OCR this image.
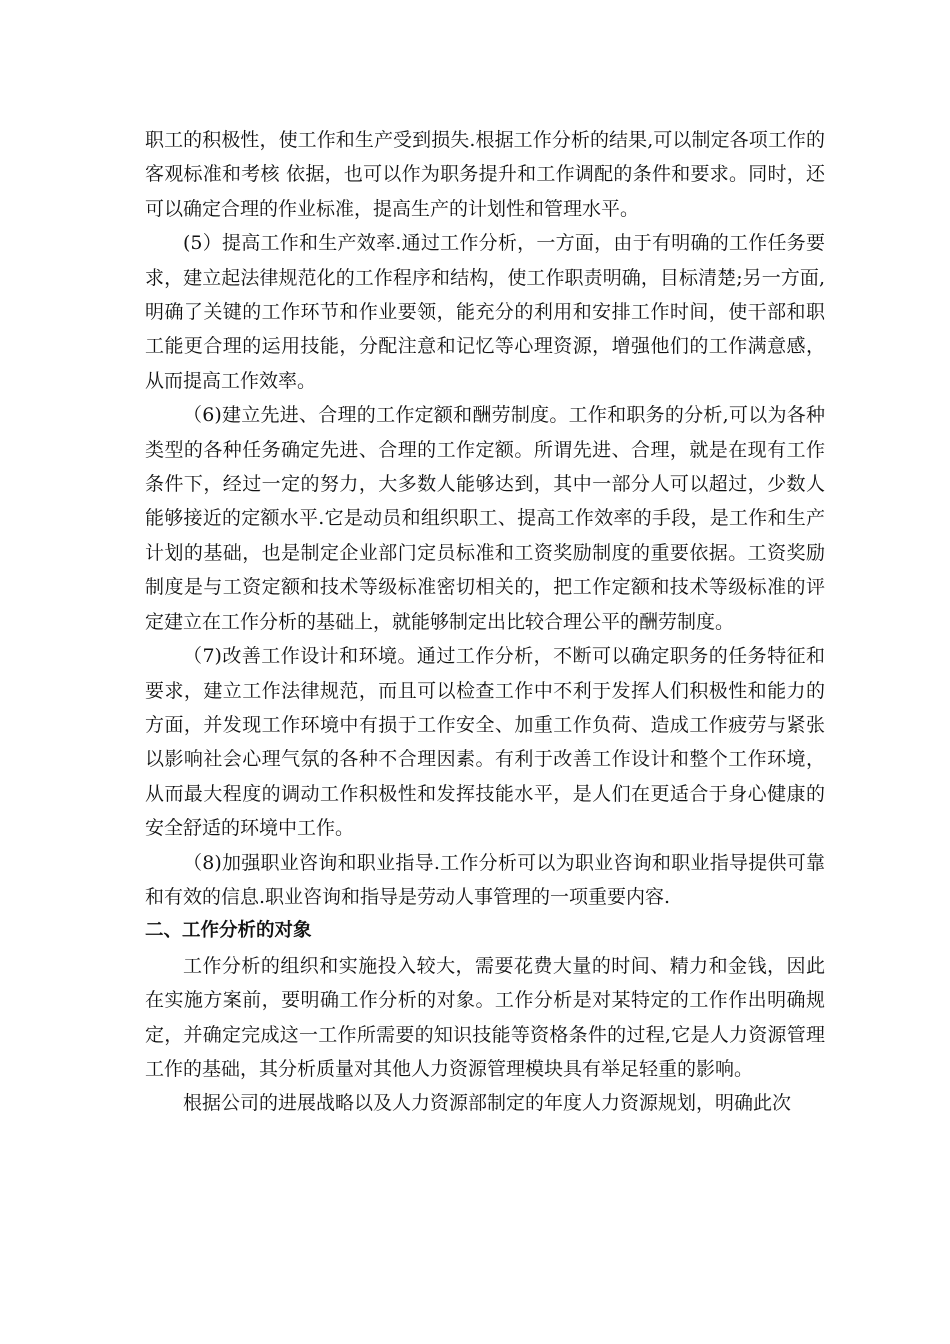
职工的积极性，使工作和生产受到损失.根据工作分析的结果,可以制定各项工作的客观标准和考核 依据，也可以作为职务提升和工作调配的条件和要求。同时，还可以确定合理的作业标准，提高生产的计划性和管理水平。

(5）提高工作和生产效率.通过工作分析，一方面，由于有明确的工作任务要求，建立起法律规范化的工作程序和结构，使工作职责明确，目标清楚;另一方面,明确了关键的工作环节和作业要领，能充分的利用和安排工作时间，使干部和职工能更合理的运用技能，分配注意和记忆等心理资源，增强他们的工作满意感，从而提高工作效率。

（6)建立先进、合理的工作定额和酬劳制度。工作和职务的分析,可以为各种类型的各种任务确定先进、合理的工作定额。所谓先进、合理，就是在现有工作条件下，经过一定的努力，大多数人能够达到，其中一部分人可以超过，少数人能够接近的定额水平.它是动员和组织职工、提高工作效率的手段，是工作和生产计划的基础，也是制定企业部门定员标准和工资奖励制度的重要依据。工资奖励制度是与工资定额和技术等级标准密切相关的，把工作定额和技术等级标准的评定建立在工作分析的基础上，就能够制定出比较合理公平的酬劳制度。

（7)改善工作设计和环境。通过工作分析，不断可以确定职务的任务特征和要求，建立工作法律规范，而且可以检查工作中不利于发挥人们积极性和能力的方面，并发现工作环境中有损于工作安全、加重工作负荷、造成工作疲劳与紧张以影响社会心理气氛的各种不合理因素。有利于改善工作设计和整个工作环境，从而最大程度的调动工作积极性和发挥技能水平，是人们在更适合于身心健康的安全舒适的环境中工作。

（8)加强职业咨询和职业指导.工作分析可以为职业咨询和职业指导提供可靠和有效的信息.职业咨询和指导是劳动人事管理的一项重要内容.

二、工作分析的对象

工作分析的组织和实施投入较大，需要花费大量的时间、精力和金钱，因此在实施方案前，要明确工作分析的对象。工作分析是对某特定的工作作出明确规定，并确定完成这一工作所需要的知识技能等资格条件的过程,它是人力资源管理工作的基础，其分析质量对其他人力资源管理模块具有举足轻重的影响。

根据公司的进展战略以及人力资源部制定的年度人力资源规划，明确此次
